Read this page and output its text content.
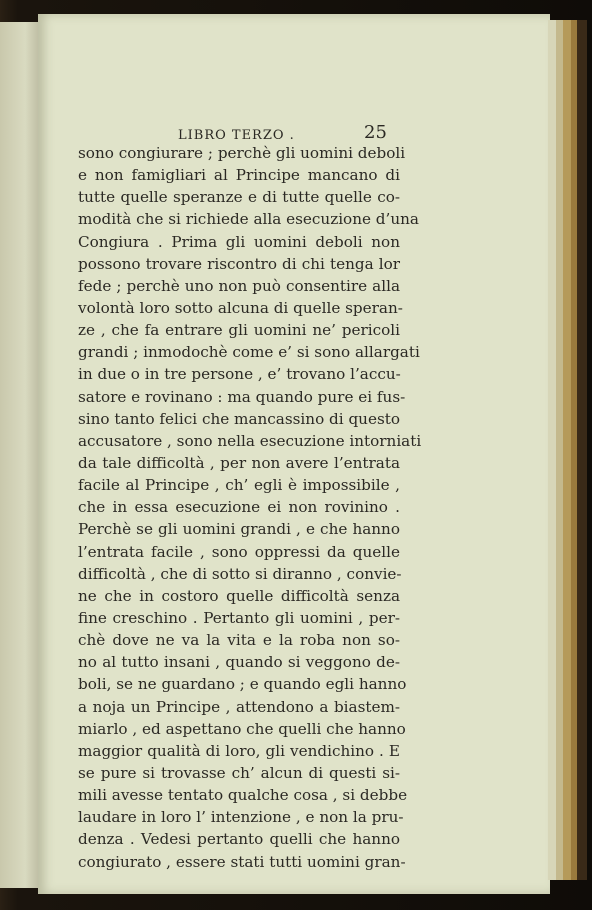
LIBRO TERZO .	25
sono congiurare ; perchè gli uomini deboli
e non famigliari al Principe mancano di
tutte quelle speranze e di tutte quelle co-
modità che si richiede alla esecuzione d’una
Congiura . Prima gli uomini deboli non
possono trovare riscontro di chi tenga lor
fede ; perchè uno non può consentire alla
volontà loro sotto alcuna di quelle speran-
ze , che fa entrare gli uomini ne’ pericoli
grandi ; inmodochè come e’ si sono allargati
in due o in tre persone , e’ trovano l’accu-
satore e rovinano : ma quando pure ei fus-
sino tanto felici che mancassino di questo
accusatore , sono nella esecuzione intorniati
da tale difficoltà , per non avere l’entrata
facile al Principe , ch’ egli è impossibile ,
che in essa esecuzione ei non rovinino .
Perchè se gli uomini grandi , e che hanno
l’entrata facile , sono oppressi da quelle
difficoltà , che di sotto si diranno , convie-
ne che in costoro quelle difficoltà senza
fine creschino . Pertanto gli uomini , per-
chè dove ne va la vita e la roba non so-
no al tutto insani , quando si veggono de-
boli, se ne guardano ; e quando egli hanno
a noja un Principe , attendono a biastem-
miarlo , ed aspettano che quelli che hanno
maggior qualità di loro, gli vendichino . E
se pure si trovasse ch’ alcun di questi si-
mili avesse tentato qualche cosa , si debbe
laudare in loro l’ intenzione , e non la pru-
denza . Vedesi pertanto quelli che hanno
congiurato , essere stati tutti uomini gran-
